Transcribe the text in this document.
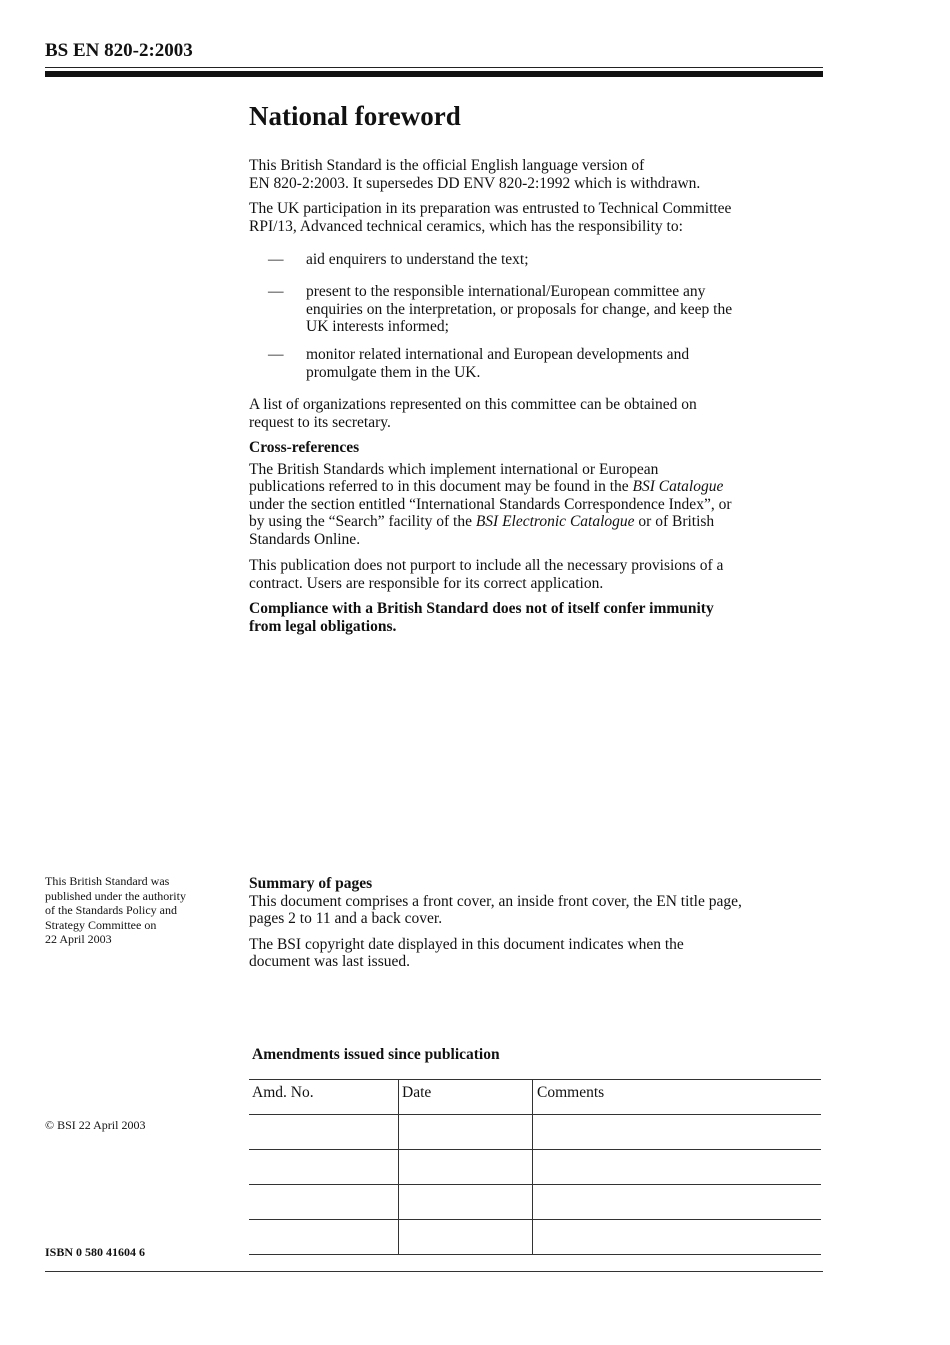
BS EN 820-2:2003
National foreword
This British Standard is the official English language version of
EN 820-2:2003. It supersedes DD ENV 820-2:1992 which is withdrawn.
The UK participation in its preparation was entrusted to Technical Committee
RPI/13, Advanced technical ceramics, which has the responsibility to:
— aid enquirers to understand the text;
— present to the responsible international/European committee any
enquiries on the interpretation, or proposals for change, and keep the
UK interests informed;
— monitor related international and European developments and
promulgate them in the UK.
A list of organizations represented on this committee can be obtained on
request to its secretary.
Cross-references
The British Standards which implement international or European
publications referred to in this document may be found in the BSI Catalogue
under the section entitled “International Standards Correspondence Index”, or
by using the “Search” facility of the BSI Electronic Catalogue or of British
Standards Online.
This publication does not purport to include all the necessary provisions of a
contract. Users are responsible for its correct application.
Compliance with a British Standard does not of itself confer immunity
from legal obligations.
This British Standard was
published under the authority
of the Standards Policy and
Strategy Committee on
22 April 2003
© BSI 22 April 2003
ISBN 0 580 41604 6
Summary of pages
This document comprises a front cover, an inside front cover, the EN title page,
pages 2 to 11 and a back cover.
The BSI copyright date displayed in this document indicates when the
document was last issued.
Amendments issued since publication
Amd. No.	Date	Comments
